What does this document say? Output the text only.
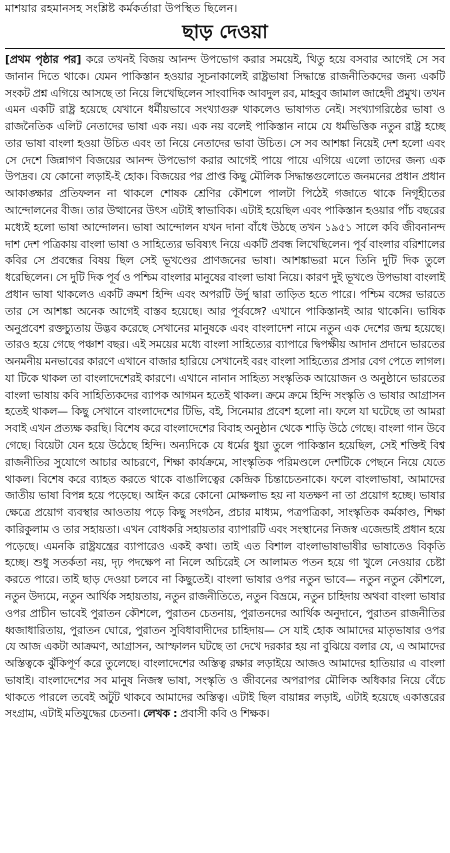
মাশয়ার রহমানসহ সংশ্লিষ্ট কর্মকর্তারা উপস্থিত ছিলেন।
ছাড় দেওয়া
[প্রথম পৃষ্ঠার পর] করে তখনই বিজয় আনন্দ উপভোগ করার সময়েই, থিতু হয়ে বসবার আগেই সে সব জানান দিতে থাকে। যেমন পাকিস্তান হওয়ার সূচনাকালেই রাষ্ট্রভাষা সিদ্ধান্তে রাজনীতিকদের জন্য একটি সংকট প্রশ্ন এগিয়ে আসছে তা নিয়ে লিখেছিলেন সাংবাদিক আবদুল রব, মাহবুব জামাল জাহেদী প্রমুখ। তখন এমন একটি রাষ্ট্র হয়েছে যেখানে ধর্মীয়ভাবে সংখ্যাগুরু থাকলেও ভাষাগত নেই। সংখ্যাগরিষ্ঠের ভাষা ও রাজনৈতিক এলিট নেতাদের ভাষা এক নয়। এক নয় বলেই পাকিস্তান নামে যে ধর্মভিত্তিক নতুন রাষ্ট্র হচ্ছে তার ভাষা বাংলা হওয়া উচিত এবং তা নিয়ে নেতাদের ভাবা উচিত। সে সব আশঙ্কা নিয়েই দেশ হলো এবং সে দেশে জিন্নাগণ বিজয়ের আনন্দ উপভোগ করার আগেই পায়ে পায়ে এগিয়ে এলো তাদের জন্য এক উপদ্রব। যে কোনো লড়াই-ই হোক। বিজয়ের পর প্রাপ্ত কিছু মৌলিক সিদ্ধান্তগুলোতে জনমনের প্রধান প্রধান আকাঙ্ক্ষার প্রতিফলন না থাকলে শোষক শ্রেণির কৌশলে পালটা পিঠেই গজাতে থাকে নিগূহীতের আন্দোলনের বীজ। তার উত্থানের উৎস এটাই স্বাভাবিক। এটাই হয়েছিল এবং পাকিস্তান হওয়ার পাঁচ বছরের মধ্যেই হলো ভাষা আন্দোলন। ভাষা আন্দোলন যখন দানা বাঁধে উঠছে তখন ১৯৫১ সালে কবি জীবনানন্দ দাশ দেশ পত্রিকায় বাংলা ভাষা ও সাহিত্যের ভবিষ্যৎ নিয়ে একটি প্রবন্ধ লিখেছিলেন। পূর্ব বাংলার বরিশালের কবির সে প্রবন্ধের বিষয় ছিল সেই ভূখণ্ডের প্রাণজনের ভাষা। আশঙ্কাভরা মনে তিনি দুটি দিক তুলে ধরেছিলেন। সে দুটি দিক পূর্ব ও পশ্চিম বাংলার মানুষের বাংলা ভাষা নিয়ে। কারণ দুই ভূখণ্ডে উপভাষা বাংলাই প্রধান ভাষা থাকলেও একটি ক্রমশ হিন্দি এবং অপরটি উর্দু দ্বারা তাড়িত হতে পারে। পশ্চিম বঙ্গের ভারতে তার সে আশঙ্কা অনেক আগেই বাস্তব হয়েছে। আর পূর্ববঙ্গে? এখানে পাকিস্তানই আর থাকেনি। ভাষিক অনুপ্রবেশ রক্তচ্যুতায় উদ্ভব করেছে সেখানের মানুষকে এবং বাংলাদেশ নামে নতুন এক দেশের জন্ম হয়েছে। তারও হয়ে গেছে পঞ্চাশ বছর। এই সময়ের মধ্যে বাংলা সাহিত্যের ব্যাপারে দ্বিপক্ষীয় আদান প্রদানে ভারতের অনমনীয় মনভাবের কারণে এখানে বাজার হারিয়ে সেখানেই বরং বাংলা সাহিত্যের প্রসার বেগ পেতে লাগল। যা টিকে থাকল তা বাংলাদেশেরই কারণে। এখানে নানান সাহিত্য সংস্কৃতিক আয়োজন ও অনুষ্ঠানে ভারতের বাংলা ভাষায় কবি সাহিত্যিকদের ব্যাপক আগমন হতেই থাকল। ক্রমে ক্রমে হিন্দি সংস্কৃতি ও ভাষার আগ্রাসন হতেই থাকল— কিছু সেখানে বাংলাদেশের টিভি, বই, সিনেমার প্রবেশ হলো না। ফলে যা ঘটেছে তা আমরা সবাই এখন প্রত্যক্ষ করছি। বিশেষ করে বাংলাদেশের বিবাহ অনুষ্ঠান থেকে শাড়ি উঠে গেছে। বাংলা গান উবে গেছে। বিয়েটা যেন হয়ে উঠেছে হিন্দি। অন্যদিকে যে ধর্মের ধুয়া তুলে পাকিস্তান হয়েছিল, সেই শক্তিই বিশ্ব রাজনীতির সুযোগে আচার আচরণে, শিক্ষা কার্যক্রমে, সাংস্কৃতিক পরিমণ্ডলে দেশটিকে পেছনে নিয়ে যেতে থাকল। বিশেষ করে ব্যাহত করতে থাকে বাঙালিত্বের কেন্দ্রিক চিন্তাচেতনাকে। ফলে বাংলাভাষা, আমাদের জাতীয় ভাষা বিপন্ন হয়ে পড়েছে। আইন করে কোনো মোক্ষলাভ হয় না যতক্ষণ না তা প্রয়োগ হচ্ছে। ভাষার ক্ষেত্রে প্রয়োগ ব্যবস্থার আওতায় পড়ে কিছু সংগঠন, প্রচার মাধ্যম, পত্রপত্রিকা, সাংস্কৃতিক কর্মকাণ্ড, শিক্ষা কারিকুলাম ও তার সহায়তা। এখন বোধকরি সহায়তার ব্যাপারটি এবং সংস্থানের নিজস্ব এজেন্ডাই প্রধান হয়ে পড়েছে। এমনকি রাষ্ট্রযন্ত্রের ব্যাপারেও একই কথা। তাই এত বিশাল বাংলাভাষাভাষীর ভাষাতেও বিকৃতি হচ্ছে। শুধু সতর্কতা নয়, দৃঢ় পদক্ষেপ না নিলে অচিরেই সে আলামত পতন হয়ে গা খুলে নেওয়ার চেষ্টা করতে পারে। তাই ছাড় দেওয়া চলবে না কিছুতেই। বাংলা ভাষার ওপর নতুন ভাবে— নতুন নতুন কৌশলে, নতুন উদ্যমে, নতুন আর্থিক সহায়তায়, নতুন রাজনীতিতে, নতুন বিভ্রমে, নতুন চাহিদায় অথবা বাংলা ভাষার ওপর প্রাচীন ভাবেই পুরাতন কৌশলে, পুরাতন চেতনায়, পুরাতনদের আর্থিক অনুদানে, পুরাতন রাজনীতির ধ্বজাধারিতায়, পুরাতন ঘোরে, পুরাতন সুবিধাবাদীদের চাহিদায়— সে যাই হোক আমাদের মাতৃভাষার ওপর যে আজ একটা আক্রমণ, আগ্রাসন, আস্ফালন ঘটছে তা দেখে দরকার হয় না বুঝিয়ে বলার যে, এ আমাদের অস্তিত্বকে ঝুঁকিপূর্ণ করে তুলেছে। বাংলাদেশের অস্তিত্ব রক্ষার লড়াইয়ে আজও আমাদের হাতিয়ার এ বাংলা ভাষাই। বাংলাদেশের সব মানুষ নিজস্ব ভাষা, সংস্কৃতি ও জীবনের অপরাপর মৌলিক অধিকার নিয়ে বেঁচে থাকতে পারলে তবেই অটুট থাকবে আমাদের অস্তিত্ব। এটাই ছিল বায়ান্নর লড়াই, এটাই হয়েছে একাত্তরের সংগ্রাম, এটাই মতিযুদ্ধের চেতনা। লেখক : প্রবাসী কবি ও শিক্ষক।
